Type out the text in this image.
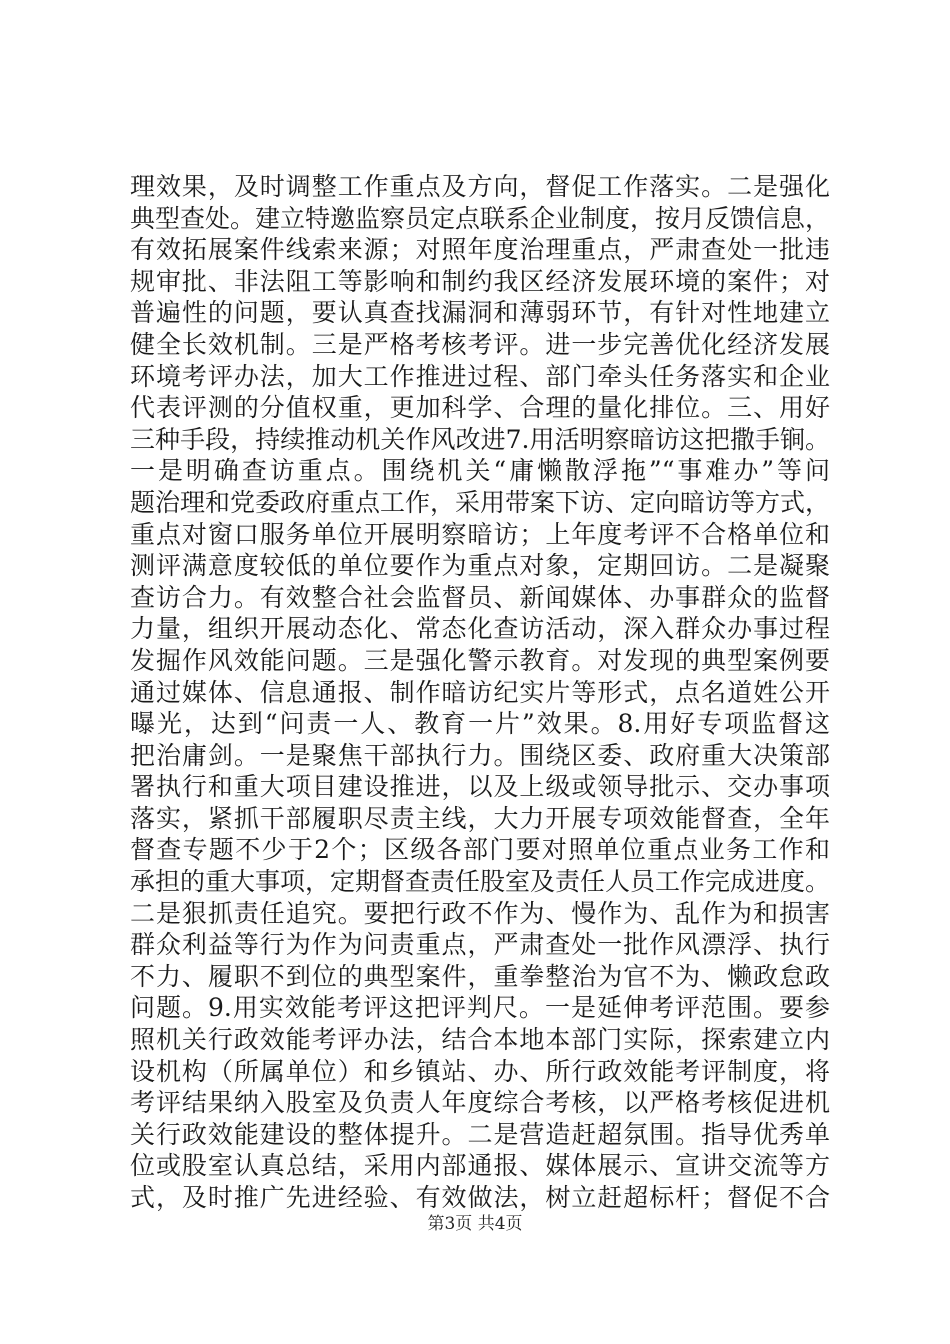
理效果，及时调整工作重点及方向，督促工作落实。二是强化
典型查处。建立特邀监察员定点联系企业制度，按月反馈信息，
有效拓展案件线索来源；对照年度治理重点，严肃查处一批违
规审批、非法阻工等影响和制约我区经济发展环境的案件；对
普遍性的问题，要认真查找漏洞和薄弱环节，有针对性地建立
健全长效机制。三是严格考核考评。进一步完善优化经济发展
环境考评办法，加大工作推进过程、部门牵头任务落实和企业
代表评测的分值权重，更加科学、合理的量化排位。三、用好
三种手段，持续推动机关作风改进7.用活明察暗访这把撒手锏。
一是明确查访重点。围绕机关“庸懒散浮拖”“事难办”等问
题治理和党委政府重点工作，采用带案下访、定向暗访等方式，
重点对窗口服务单位开展明察暗访；上年度考评不合格单位和
测评满意度较低的单位要作为重点对象，定期回访。二是凝聚
查访合力。有效整合社会监督员、新闻媒体、办事群众的监督
力量，组织开展动态化、常态化查访活动，深入群众办事过程
发掘作风效能问题。三是强化警示教育。对发现的典型案例要
通过媒体、信息通报、制作暗访纪实片等形式，点名道姓公开
曝光，达到“问责一人、教育一片”效果。8.用好专项监督这
把治庸剑。一是聚焦干部执行力。围绕区委、政府重大决策部
署执行和重大项目建设推进，以及上级或领导批示、交办事项
落实，紧抓干部履职尽责主线，大力开展专项效能督查，全年
督查专题不少于2个；区级各部门要对照单位重点业务工作和
承担的重大事项，定期督查责任股室及责任人员工作完成进度。
二是狠抓责任追究。要把行政不作为、慢作为、乱作为和损害
群众利益等行为作为问责重点，严肃查处一批作风漂浮、执行
不力、履职不到位的典型案件，重拳整治为官不为、懒政怠政
问题。9.用实效能考评这把评判尺。一是延伸考评范围。要参
照机关行政效能考评办法，结合本地本部门实际，探索建立内
设机构（所属单位）和乡镇站、办、所行政效能考评制度，将
考评结果纳入股室及负责人年度综合考核，以严格考核促进机
关行政效能建设的整体提升。二是营造赶超氛围。指导优秀单
位或股室认真总结，采用内部通报、媒体展示、宣讲交流等方
式，及时推广先进经验、有效做法，树立赶超标杆；督促不合
第3页 共4页
